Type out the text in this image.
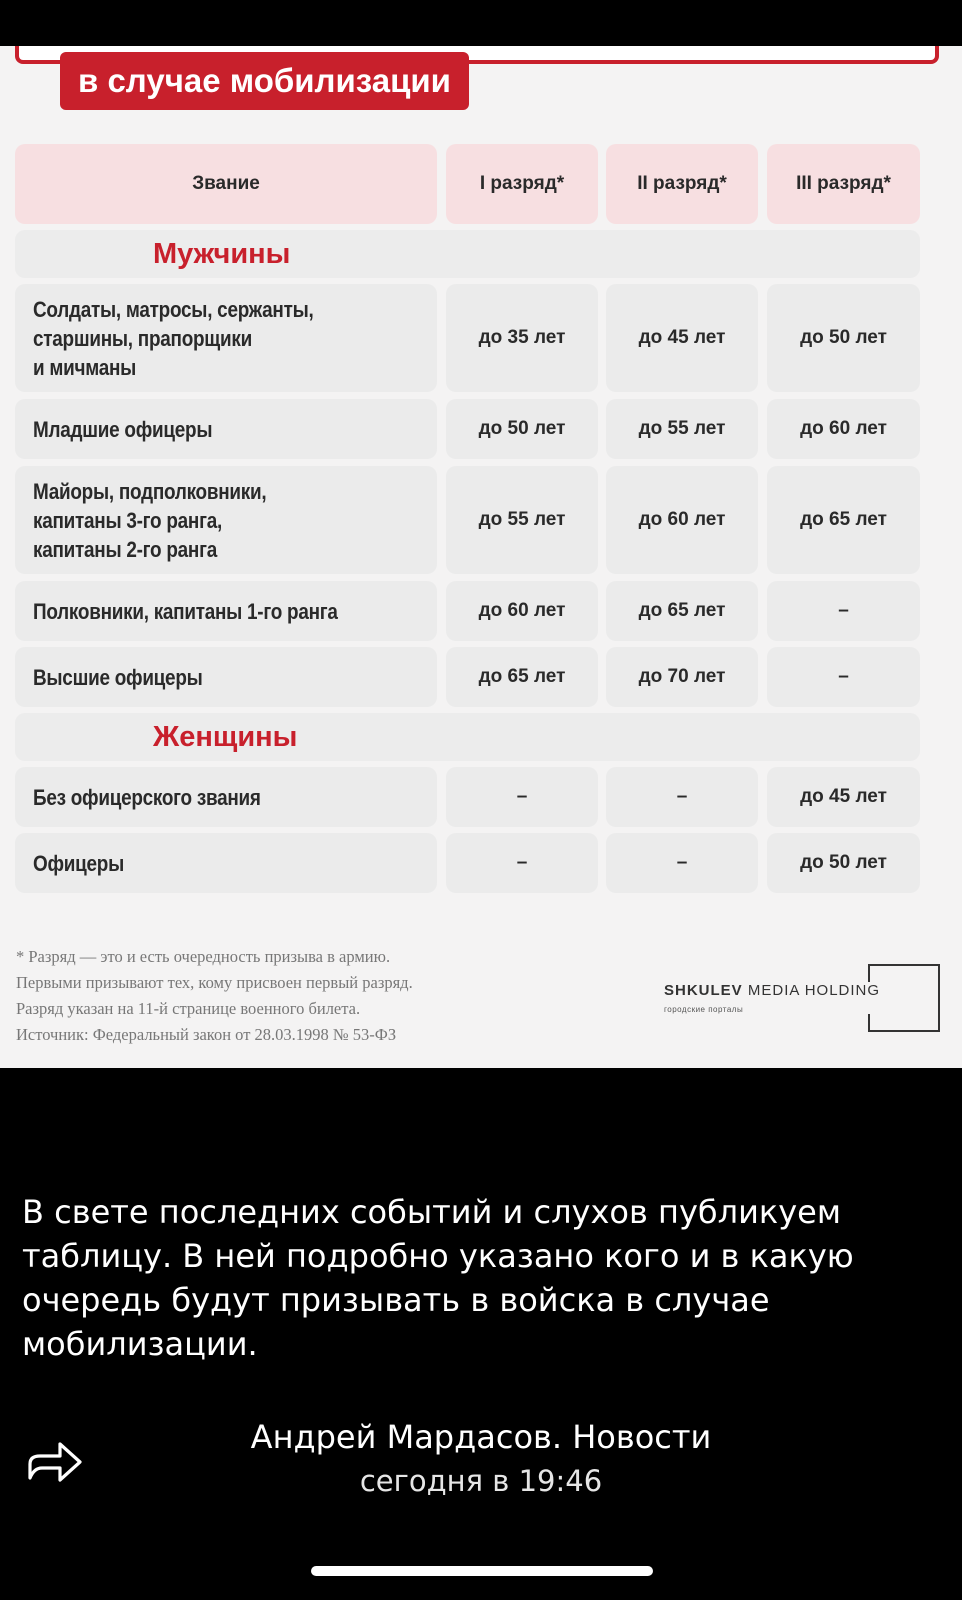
в случае мобилизации
Звание	I разряд*	II разряд*	III разряд*
Мужчины
Солдаты, матросы, сержанты,
старшины, прапорщики
и мичманы
до 35 лет	до 45 лет	до 50 лет
Младшие офицеры	до 50 лет	до 55 лет	до 60 лет
Майоры, подполковники,
капитаны 3-го ранга,
капитаны 2-го ранга
до 55 лет	до 60 лет	до 65 лет
Полковники, капитаны 1-го ранга	до 60 лет	до 65 лет	–
Высшие офицеры	до 65 лет	до 70 лет	–
Женщины
Без офицерского звания	–	–	до 45 лет
Офицеры	–	–	до 50 лет
* Разряд — это и есть очередность призыва в армию.
Первыми призывают тех, кому присвоен первый разряд.
Разряд указан на 11-й странице военного билета.
Источник: Федеральный закон от 28.03.1998 № 53-ФЗ
SHKULEV MEDIA HOLDING
городские порталы
В свете последних событий и слухов публикуем таблицу. В ней подробно указано кого и в какую очередь будут призывать в войска в случае мобилизации.
Андрей Мардасов. Новости
сегодня в 19:46
